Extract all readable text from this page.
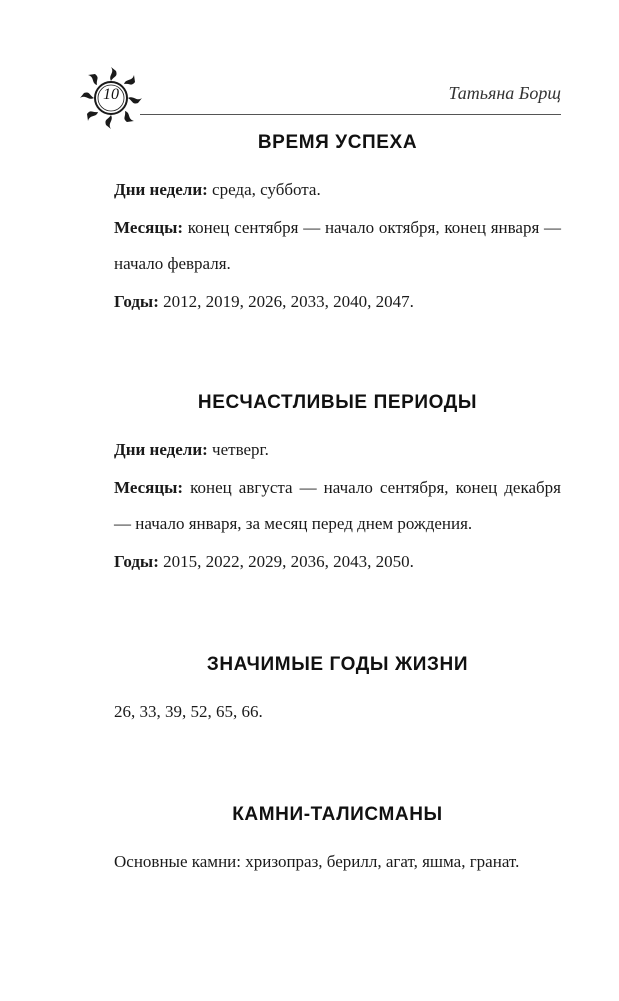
10	Татьяна Борщ
ВРЕМЯ УСПЕХА

Дни недели: среда, суббота.

Месяцы: конец сентября — начало октября, конец января — начало февраля.

Годы: 2012, 2019, 2026, 2033, 2040, 2047.

НЕСЧАСТЛИВЫЕ ПЕРИОДЫ

Дни недели: четверг.

Месяцы: конец августа — начало сентября, конец декабря — начало января, за месяц перед днем рождения.

Годы: 2015, 2022, 2029, 2036, 2043, 2050.

ЗНАЧИМЫЕ ГОДЫ ЖИЗНИ

26, 33, 39, 52, 65, 66.

КАМНИ-ТАЛИСМАНЫ

Основные камни: хризопраз, берилл, агат, яшма, гранат.
